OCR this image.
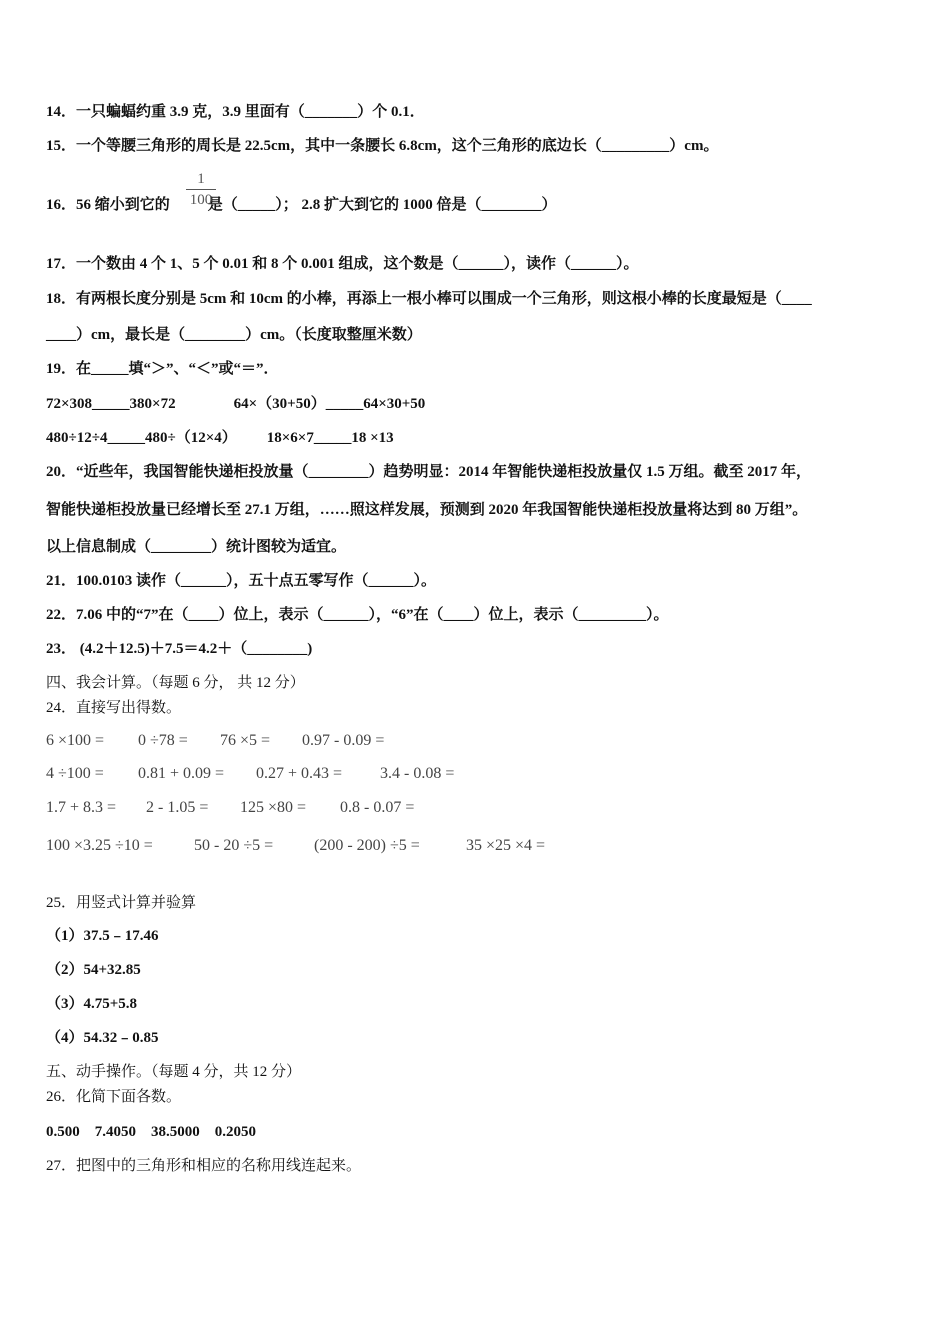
14．一只蝙蝠约重 3.9 克，3.9 里面有（_______）个 0.1．
15．一个等腰三角形的周长是 22.5cm，其中一条腰长 6.8cm，这个三角形的底边长（_________）cm。
16．56 缩小到它的	是（_____）； 2.8 扩大到它的 1000 倍是（________）
1
100
17．一个数由 4 个 1、5 个 0.01 和 8 个 0.001 组成，这个数是（______），读作（______）。
18．有两根长度分别是 5cm 和 10cm 的小棒，再添上一根小棒可以围成一个三角形，则这根小棒的长度最短是（____
____）cm，最长是（________）cm。（长度取整厘米数）
19．在_____填“＞”、“＜”或“＝”．
72×308_____380×72	64×（30+50）_____64×30+50
480÷12÷4_____480÷（12×4） 18×6×7_____18 ×13
20．“近些年，我国智能快递柜投放量（________）趋势明显：2014 年智能快递柜投放量仅 1.5 万组。截至 2017 年，
智能快递柜投放量已经增长至 27.1 万组，……照这样发展，预测到 2020 年我国智能快递柜投放量将达到 80 万组”。
以上信息制成（________）统计图较为适宜。
21．100.0103 读作（______），五十点五零写作（______）。
22．7.06 中的“7”在（____）位上，表示（______），“6”在（____）位上，表示（_________）。
23． (4.2＋12.5)＋7.5＝4.2＋（________)
四、我会计算。（每题 6 分， 共 12 分）
24．直接写出得数。
6 ×100 = 0 ÷78 = 76 ×5 = 0.97 - 0.09 =
4 ÷100 = 0.81 + 0.09 = 0.27 + 0.43 = 3.4 - 0.08 =
1.7 + 8.3 = 2 - 1.05 = 125 ×80 = 0.8 - 0.07 =
100 ×3.25 ÷10 =	50 - 20 ÷5 =	(200 - 200) ÷5 =	35 ×25 ×4 =
25．用竖式计算并验算
（1）37.5﹣17.46
（2）54+32.85
（3）4.75+5.8
（4）54.32﹣0.85
五、动手操作。（每题 4 分，共 12 分）
26．化简下面各数。
0.500    7.4050    38.5000    0.2050
27．把图中的三角形和相应的名称用线连起来。
